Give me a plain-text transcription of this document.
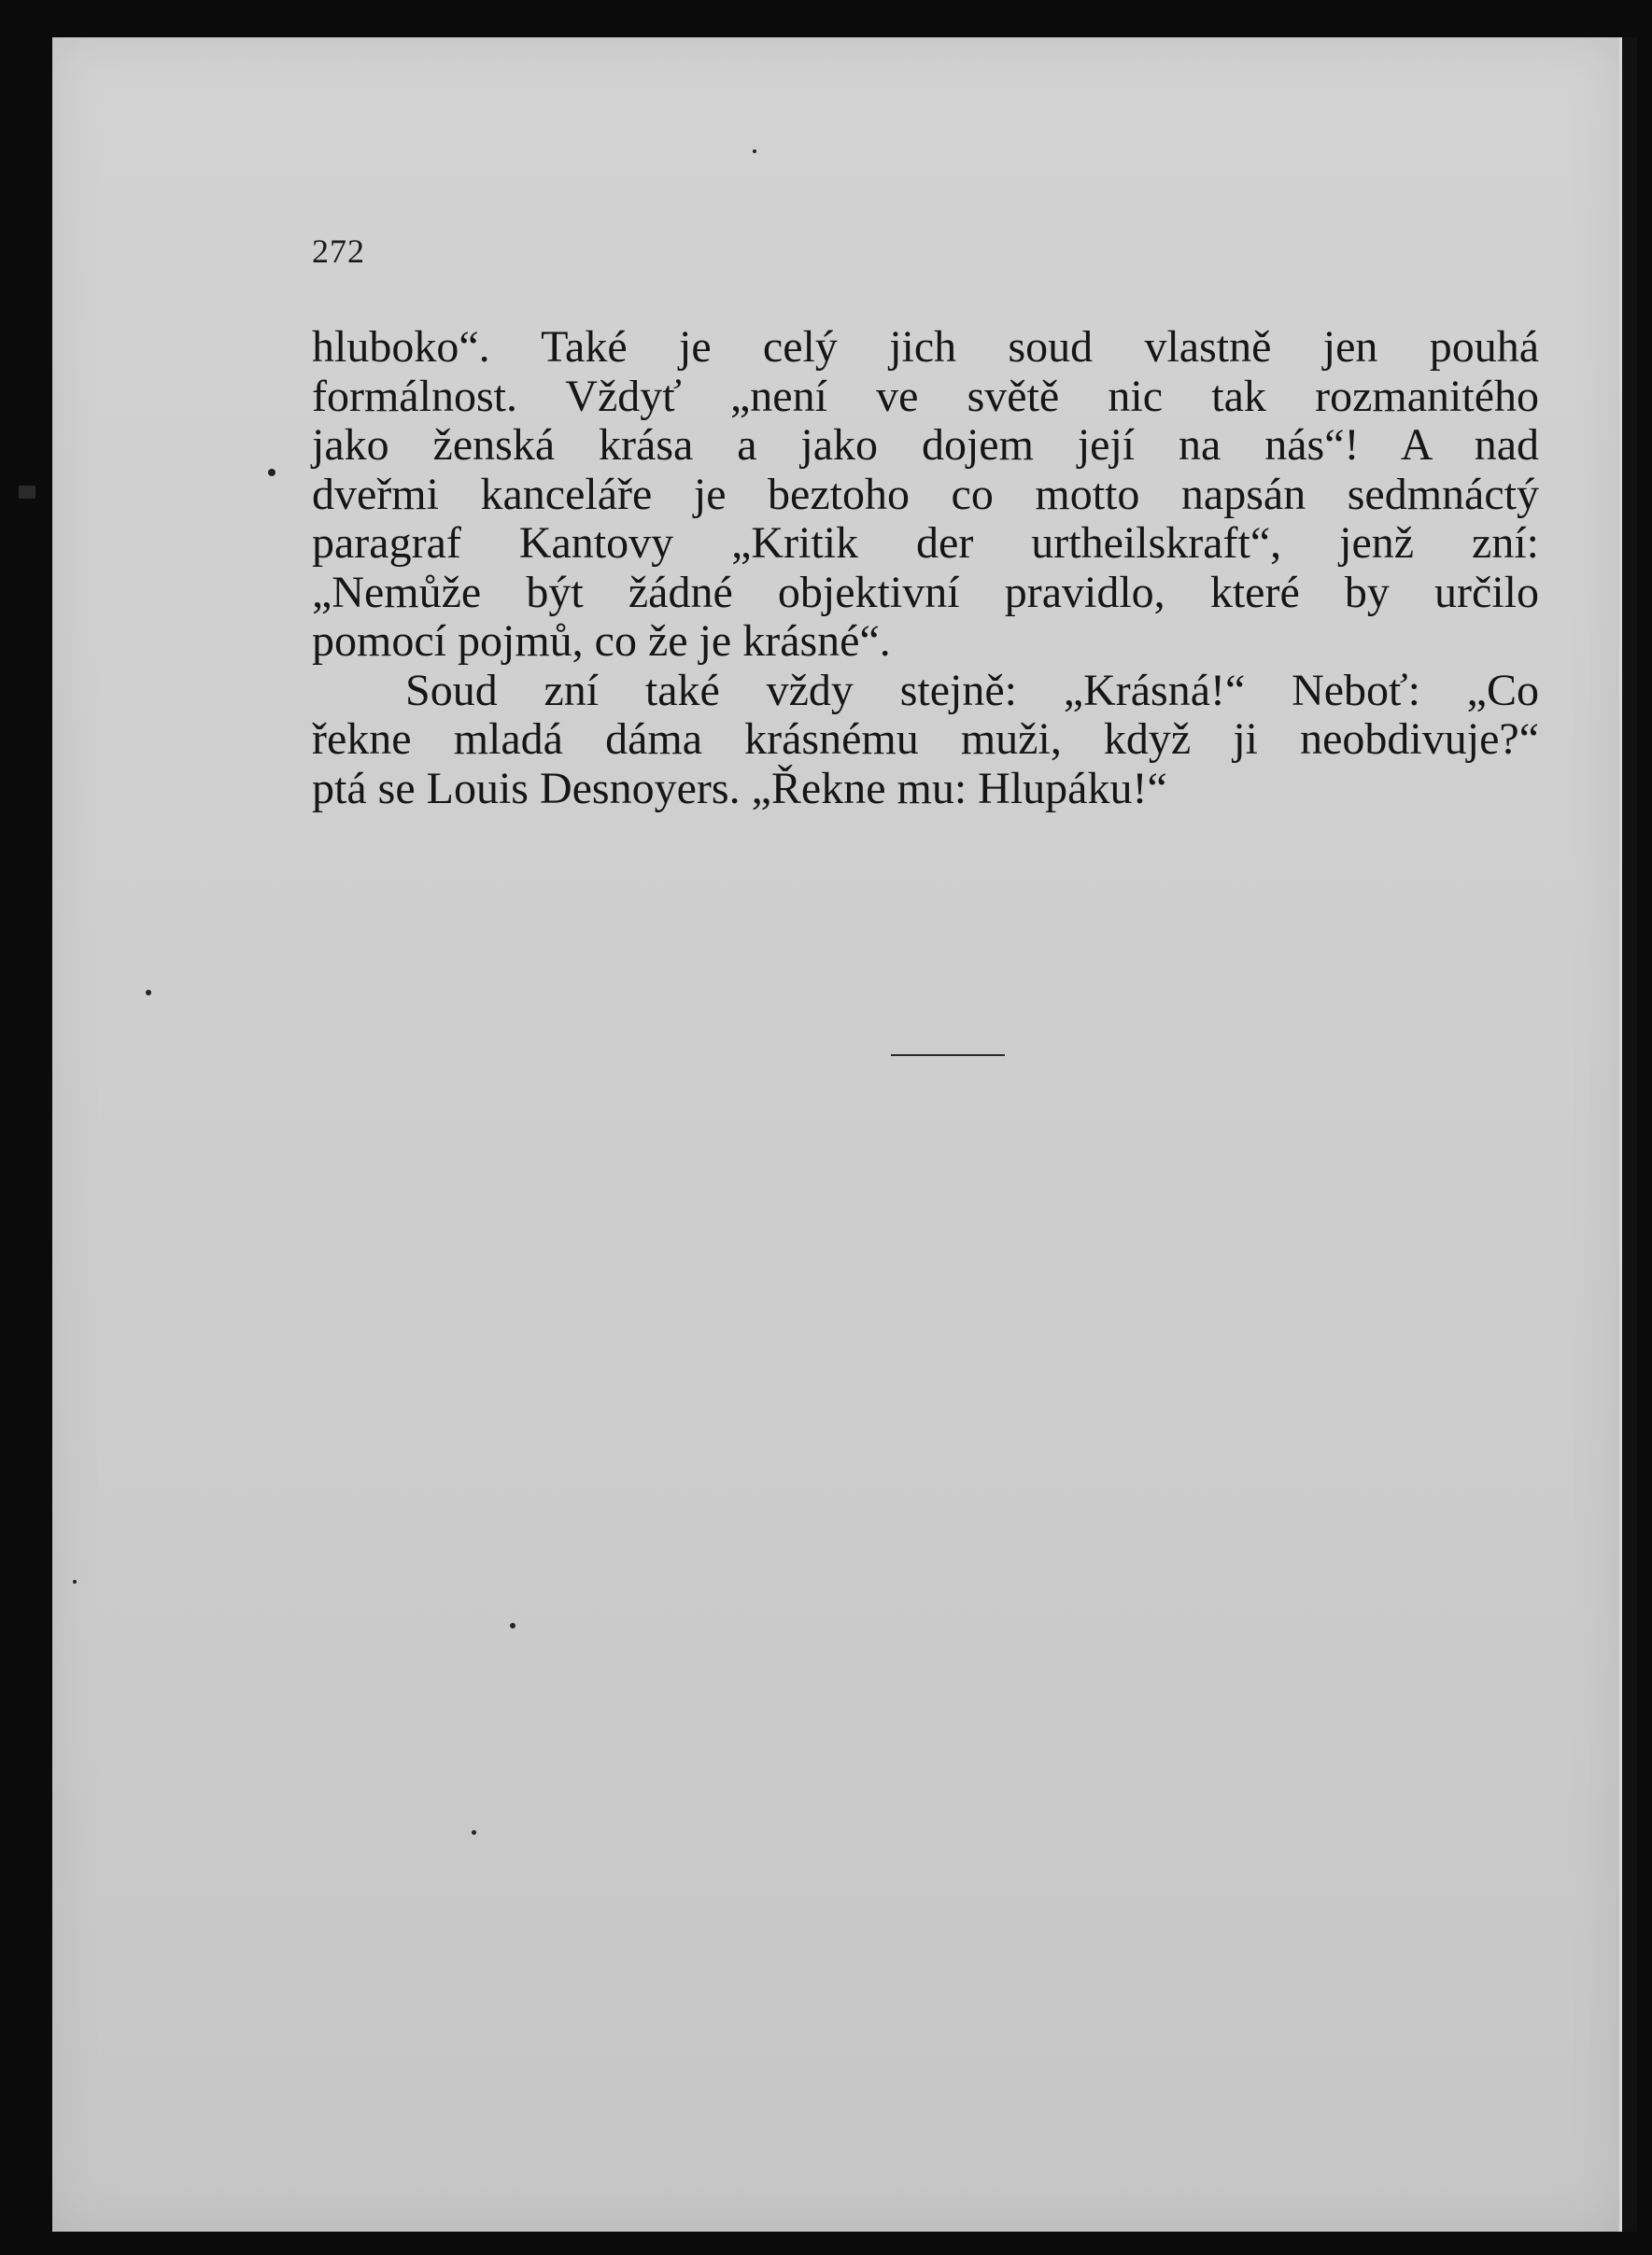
272

hluboko“. Také je celý jich soud vlastně jen pouhá
formálnost. Vždyť „není ve světě nic tak rozmanitého
jako ženská krása a jako dojem její na nás“! A nad
dveřmi kanceláře je beztoho co motto napsán sedmnáctý
paragraf Kantovy „Kritik der urtheilskraft“, jenž zní:
„Nemůže být žádné objektivní pravidlo, které by určilo
pomocí pojmů, co že je krásné“.

Soud zní také vždy stejně: „Krásná!“ Neboť: „Co
řekne mladá dáma krásnému muži, když ji neobdivuje?“
ptá se Louis Desnoyers. „Řekne mu: Hlupáku!“
